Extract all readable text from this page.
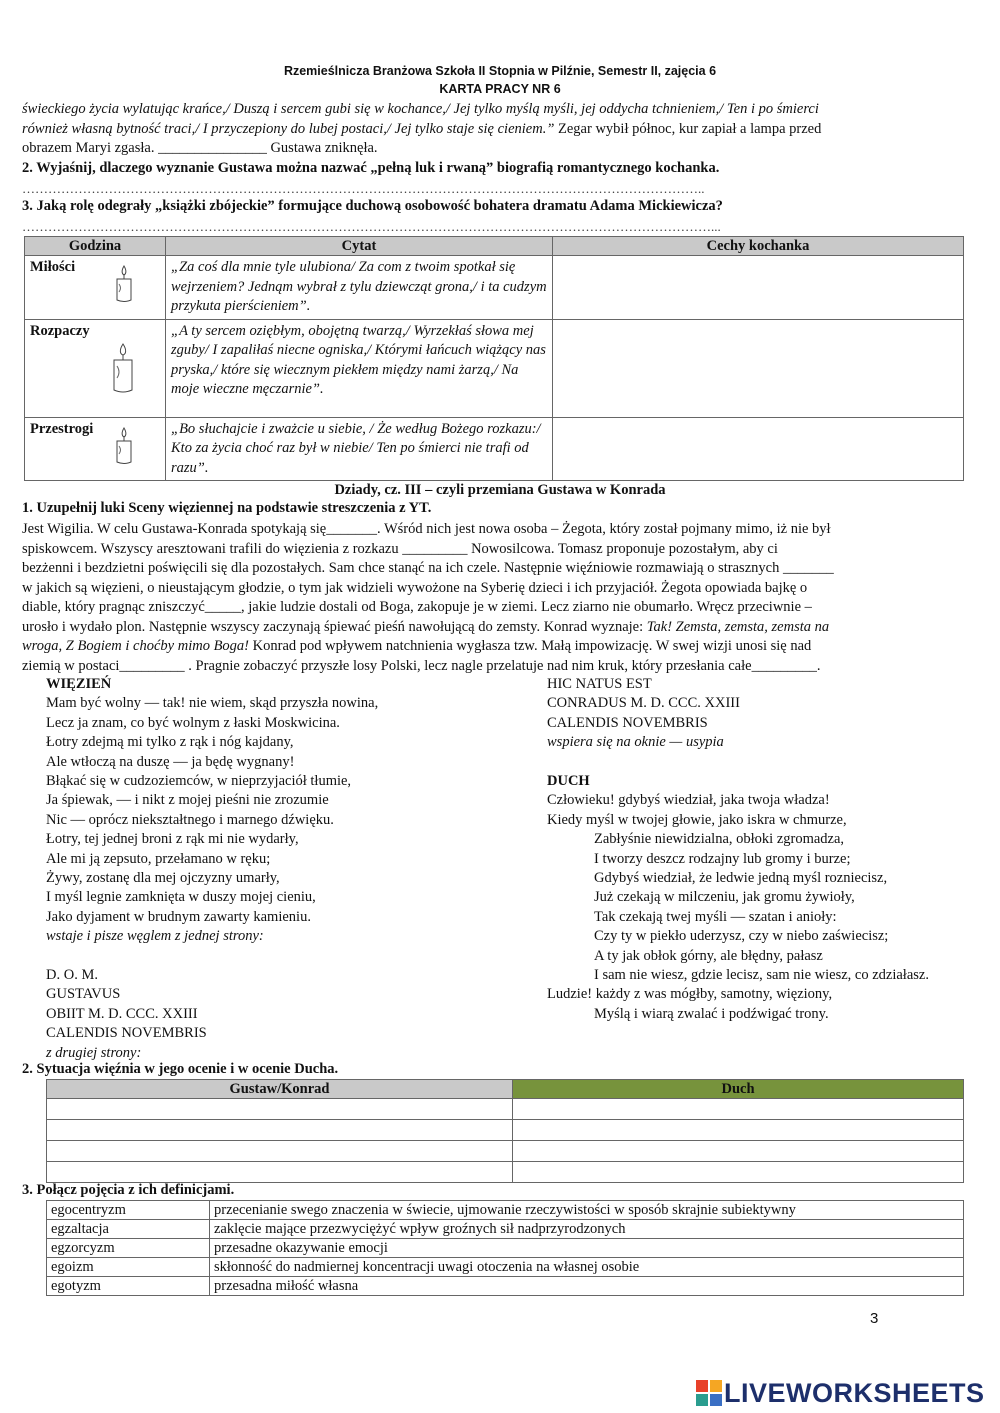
Rzemieślnicza Branżowa Szkoła II Stopnia w Pilźnie, Semestr II, zajęcia 6
KARTA PRACY NR 6
świeckiego życia wylatując krańce,/ Duszą i sercem gubi się w kochance,/ Jej tylko myślą myśli, jej oddycha tchnieniem,/ Ten i po śmierci
również własną bytność traci,/ I przyczepiony do lubej postaci,/ Jej tylko staje się cieniem.” Zegar wybił północ, kur zapiał a lampa przed
obrazem Maryi zgasła. _______________ Gustawa zniknęła.
2. Wyjaśnij, dlaczego wyznanie Gustawa można nazwać „pełną luk i rwaną” biografią romantycznego kochanka.
…………………………………………………………………………………………………………………………………………..
3. Jaką rolę odegrały „książki zbójeckie” formujące duchową osobowość bohatera dramatu Adama Mickiewicza?
……………………………………………………………………………………………………………………………………………...
Godzina	Cytat	Cechy kochanka
Miłości	„Za coś dla mnie tyle ulubiona/ Za com z twoim spotkał się wejrzeniem? Jednąm wybrał z tylu dziewcząt grona,/ i ta cudzym przykuta pierścieniem”.	
Rozpaczy	„A ty sercem oziębłym, obojętną twarzą,/ Wyrzekłaś słowa mej zguby/ I zapaliłaś niecne ogniska,/ Którymi łańcuch wiążący nas pryska,/ które się wiecznym piekłem między nami żarzą,/ Na moje wieczne męczarnie”.	
Przestrogi	„Bo słuchajcie i zważcie u siebie, / Że według Bożego rozkazu:/ Kto za życia choć raz był w niebie/ Ten po śmierci nie trafi od razu”.	
Dziady, cz. III – czyli przemiana Gustawa w Konrada
1. Uzupełnij luki Sceny więziennej na podstawie streszczenia z YT.
Jest Wigilia. W celu Gustawa-Konrada spotykają się_______. Wśród nich jest nowa osoba – Żegota, który został pojmany mimo, iż nie był
spiskowcem. Wszyscy aresztowani trafili do więzienia z rozkazu _________ Nowosilcowa. Tomasz proponuje pozostałym, aby ci
bezżenni i bezdzietni poświęcili się dla pozostałych. Sam chce stanąć na ich czele. Następnie więźniowie rozmawiają o strasznych _______
w jakich są więzieni, o nieustającym głodzie, o tym jak widzieli wywożone na Syberię dzieci i ich przyjaciół. Żegota opowiada bajkę o
diable, który pragnąc zniszczyć_____, jakie ludzie dostali od Boga, zakopuje je w ziemi. Lecz ziarno nie obumarło. Wręcz przeciwnie –
urosło i wydało plon. Następnie wszyscy zaczynają śpiewać pieśń nawołującą do zemsty. Konrad wyznaje: Tak! Zemsta, zemsta, zemsta na
wroga, Z Bogiem i choćby mimo Boga! Konrad pod wpływem natchnienia wygłasza tzw. Małą impowizację. W swej wizji unosi się nad
ziemią w postaci_________ . Pragnie zobaczyć przyszłe losy Polski, lecz nagle przelatuje nad nim kruk, który przesłania całe_________.
WIĘZIEŃ
Mam być wolny — tak! nie wiem, skąd przyszła nowina,
Lecz ja znam, co być wolnym z łaski Moskwicina.
Łotry zdejmą mi tylko z rąk i nóg kajdany,
Ale wtłoczą na duszę — ja będę wygnany!
Błąkać się w cudzoziemców, w nieprzyjaciół tłumie,
Ja śpiewak, — i nikt z mojej pieśni nie zrozumie
Nic — oprócz niekształtnego i marnego dźwięku.
Łotry, tej jednej broni z rąk mi nie wydarły,
Ale mi ją zepsuto, przełamano w ręku;
Żywy, zostanę dla mej ojczyzny umarły,
I myśl legnie zamknięta w duszy mojej cieniu,
Jako dyjament w brudnym zawarty kamieniu.
wstaje i pisze węglem z jednej strony:
D. O. M.
GUSTAVUS
OBIIT M. D. CCC. XXIII
CALENDIS NOVEMBRIS
z drugiej strony:
HIC NATUS EST
CONRADUS M. D. CCC. XXIII
CALENDIS NOVEMBRIS
wspiera się na oknie — usypia
DUCH
Człowieku! gdybyś wiedział, jaka twoja władza!
Kiedy myśl w twojej głowie, jako iskra w chmurze,
Zabłyśnie niewidzialna, obłoki zgromadza,
I tworzy deszcz rodzajny lub gromy i burze;
Gdybyś wiedział, że ledwie jedną myśl rozniecisz,
Już czekają w milczeniu, jak gromu żywioły,
Tak czekają twej myśli — szatan i anioły:
Czy ty w piekło uderzysz, czy w niebo zaświecisz;
A ty jak obłok górny, ale błędny, pałasz
I sam nie wiesz, gdzie lecisz, sam nie wiesz, co zdziałasz.
Ludzie! każdy z was mógłby, samotny, więziony,
Myślą i wiarą zwalać i podźwigać trony.
2. Sytuacja więźnia w jego ocenie i w ocenie Ducha.
Gustaw/Konrad	Duch

3. Połącz pojęcia z ich definicjami.
egocentryzm	przecenianie swego znaczenia w świecie, ujmowanie rzeczywistości w sposób skrajnie subiektywny
egzaltacja	zaklęcie mające przezwyciężyć wpływ groźnych sił nadprzyrodzonych
egzorcyzm	przesadne okazywanie emocji
egoizm	skłonność do nadmiernej koncentracji uwagi otoczenia na własnej osobie
egotyzm	przesadna miłość własna
3
LIVEWORKSHEETS
